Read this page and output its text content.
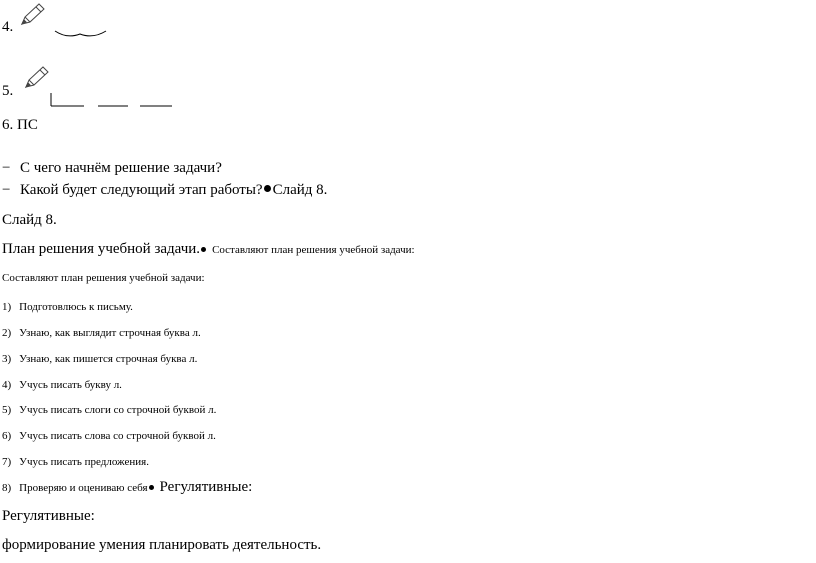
4.
5.
6. ПС
− С чего начнём решение задачи?
− Какой будет следующий этап работы? Слайд 8.
Слайд 8.
План решения учебной задачи. Составляют план решения учебной задачи:
Составляют план решения учебной задачи:
1) Подготовлюсь к письму.
2) Узнаю, как выглядит строчная буква л.
3) Узнаю, как пишется строчная буква л.
4) Учусь писать букву л.
5) Учусь писать слоги со строчной буквой л.
6) Учусь писать слова со строчной буквой л.
7) Учусь писать предложения.
8) Проверяю и оцениваю себя Регулятивные:
Регулятивные:
формирование умения планировать деятельность.
